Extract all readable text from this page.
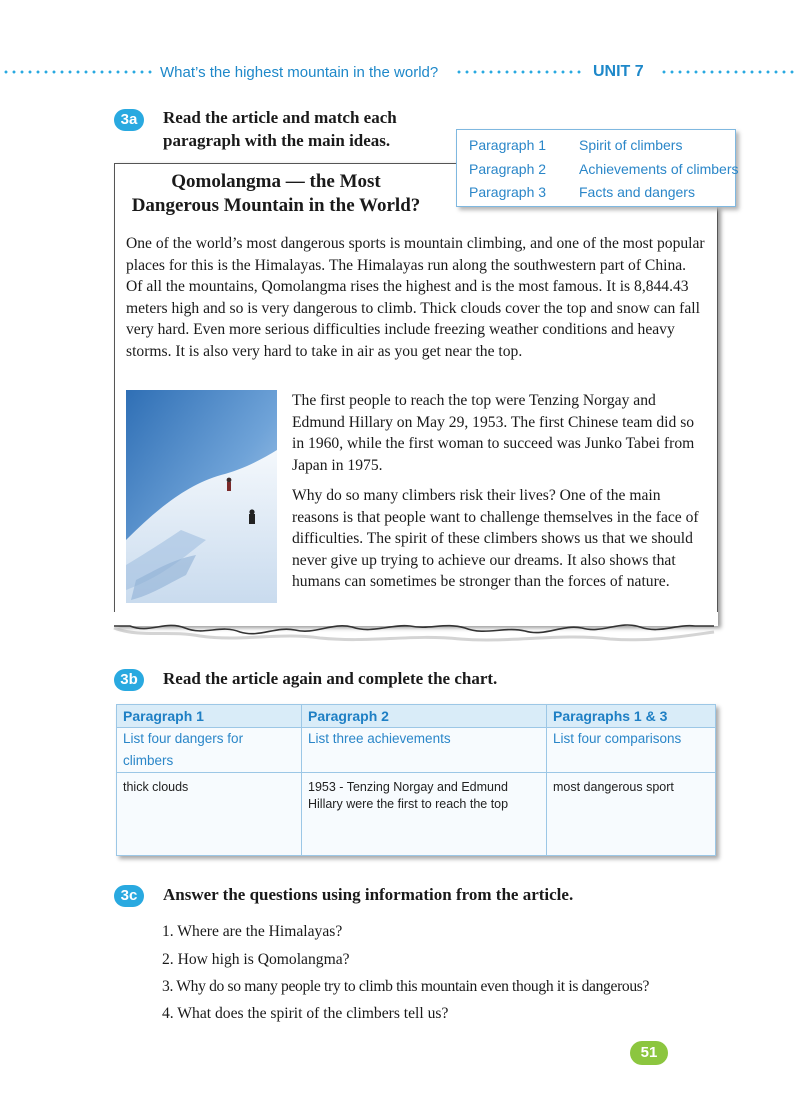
What’s the highest mountain in the world?	UNIT 7
3a	Read the article and match each
paragraph with the main ideas.	Paragraph 1 Spirit of climbers
Paragraph 2 Achievements of climbers
Paragraph 3 Facts and dangers
Qomolangma — the Most
Dangerous Mountain in the World?
One of the world’s most dangerous sports is mountain climbing, and one of the most popular places for this is the Himalayas. The Himalayas run along the southwestern part of China. Of all the mountains, Qomolangma rises the highest and is the most famous. It is 8,844.43 meters high and so is very dangerous to climb. Thick clouds cover the top and snow can fall very hard. Even more serious difficulties include freezing weather conditions and heavy storms. It is also very hard to take in air as you get near the top.
The first people to reach the top were Tenzing Norgay and Edmund Hillary on May 29, 1953. The first Chinese team did so in 1960, while the first woman to succeed was Junko Tabei from Japan in 1975.
Why do so many climbers risk their lives? One of the main reasons is that people want to challenge themselves in the face of difficulties. The spirit of these climbers shows us that we should never give up trying to achieve our dreams. It also shows that humans can sometimes be stronger than the forces of nature.
3b	Read the article again and complete the chart.
Paragraph 1	Paragraph 2	Paragraphs 1 & 3
List four dangers for climbers	List three achievements	List four comparisons
thick clouds	1953 - Tenzing Norgay and Edmund Hillary were the first to reach the top	most dangerous sport
3c	Answer the questions using information from the article.
1. Where are the Himalayas?
2. How high is Qomolangma?
3. Why do so many people try to climb this mountain even though it is dangerous?
4. What does the spirit of the climbers tell us?
51
